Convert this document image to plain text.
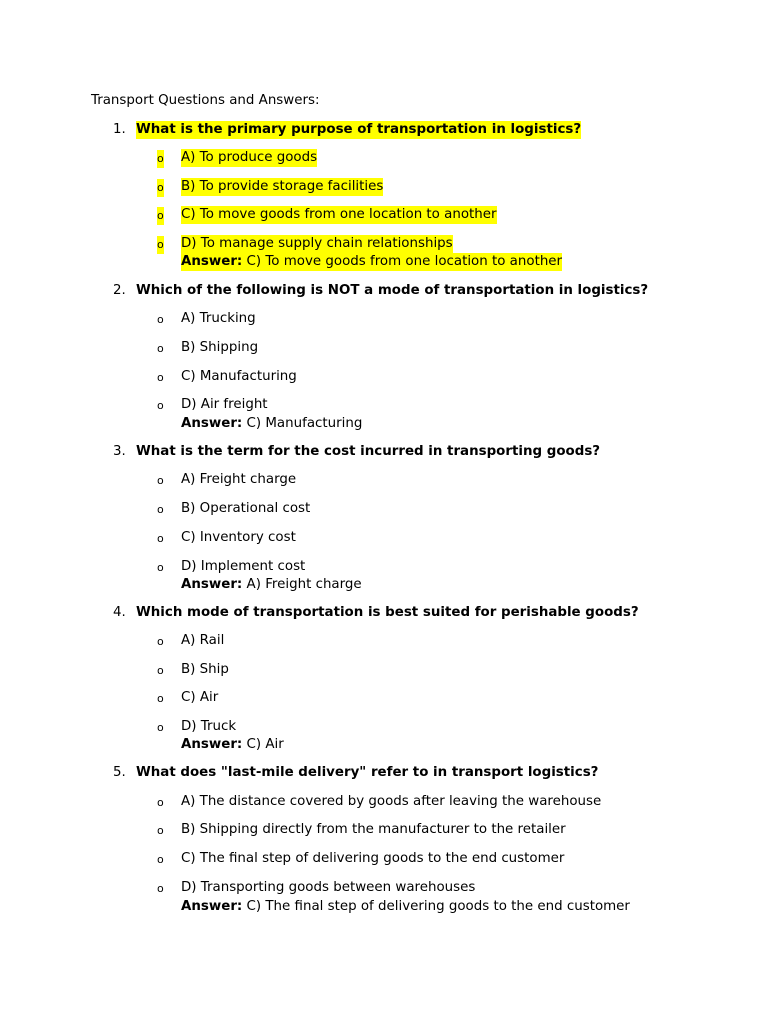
Transport Questions and Answers:
1. What is the primary purpose of transportation in logistics?
o A) To produce goods
o B) To provide storage facilities
o C) To move goods from one location to another
o D) To manage supply chain relationships
Answer: C) To move goods from one location to another
2. Which of the following is NOT a mode of transportation in logistics?
o A) Trucking
o B) Shipping
o C) Manufacturing
o D) Air freight
Answer: C) Manufacturing
3. What is the term for the cost incurred in transporting goods?
o A) Freight charge
o B) Operational cost
o C) Inventory cost
o D) Implement cost
Answer: A) Freight charge
4. Which mode of transportation is best suited for perishable goods?
o A) Rail
o B) Ship
o C) Air
o D) Truck
Answer: C) Air
5. What does "last-mile delivery" refer to in transport logistics?
o A) The distance covered by goods after leaving the warehouse
o B) Shipping directly from the manufacturer to the retailer
o C) The final step of delivering goods to the end customer
o D) Transporting goods between warehouses
Answer: C) The final step of delivering goods to the end customer
